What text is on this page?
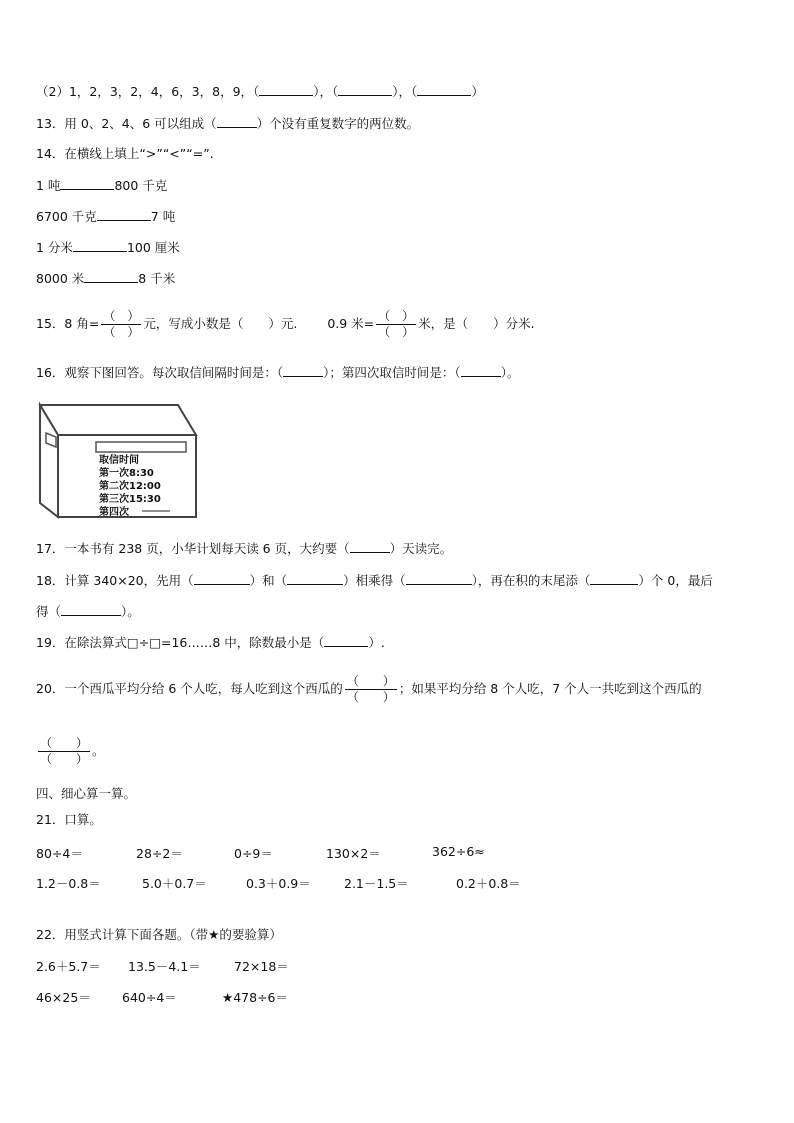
（2）1，2，3，2，4，6，3，8，9，（	），（	），（	）
13．用 0、2、4、6 可以组成（	）个没有重复数字的两位数。
14．在横线上填上“>”“<”“=”.
1 吨	800 千克
6700 千克	7 吨
1 分米	100 厘米
8000 米	8 千米
15．8 角= $\frac{( )}{( )}$ 元，写成小数是（　　）元. 0.9 米= $\frac{( )}{( )}$ 米，是（　　）分米.
16．观察下图回答。每次取信间隔时间是：（	）；第四次取信时间是：（	）。
取信时间
第一次8:30
第二次12:00
第三次15:30
第四次
17．一本书有 238 页，小华计划每天读 6 页，大约要（	）天读完。
18．计算 340×20，先用（	）和（	）相乘得（	），再在积的末尾添（	）个 0，最后
得（	）。
19．在除法算式□÷□=16……8 中，除数最小是（	）.
20．一个西瓜平均分给 6 个人吃，每人吃到这个西瓜的 $\frac{( )}{( )}$ ；如果平均分给 8 个人吃，7 个人一共吃到这个西瓜的
$\frac{( )}{( )}$ 。
四、细心算一算。
21．口算。
80÷4＝	28÷2＝	0÷9＝	130×2＝	362÷6≈
1.2－0.8＝	5.0＋0.7＝	0.3＋0.9＝	2.1－1.5＝	0.2＋0.8＝
22．用竖式计算下面各题。（带★的要验算）
2.6＋5.7＝ 13.5－4.1＝	72×18＝
46×25＝ 640÷4＝	★478÷6＝
